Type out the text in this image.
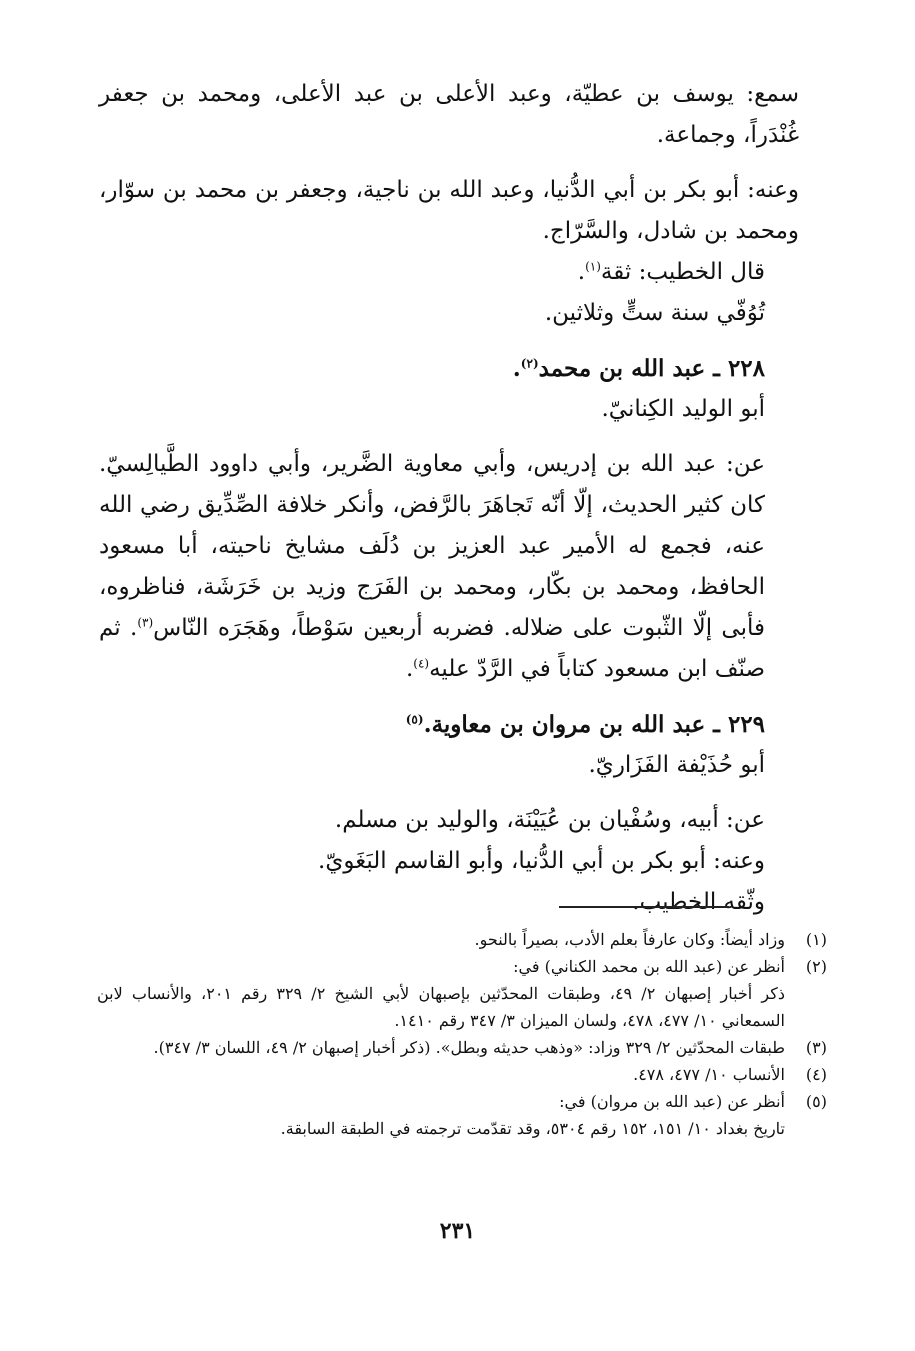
سمع: يوسف بن عطيّة، وعبد الأعلى بن عبد الأعلى، ومحمد بن جعفر غُنْدَراً، وجماعة.

وعنه: أبو بكر بن أبي الدُّنيا، وعبد الله بن ناجية، وجعفر بن محمد بن سوّار، ومحمد بن شادل، والسَّرّاج.

قال الخطيب: ثقة$^{(١)}$.

تُوُفّي سنة ستٍّ وثلاثين.

٢٢٨ ـ عبد الله بن محمد$^{(٢)}$.

أبو الوليد الكِنانيّ.

عن: عبد الله بن إدريس، وأبي معاوية الضَّرير، وأبي داوود الطَّيالِسيّ. كان كثير الحديث، إلّا أنّه تَجاهَرَ بالرَّفض، وأنكر خلافة الصِّدِّيق رضي الله عنه، فجمع له الأمير عبد العزيز بن دُلَف مشايخ ناحيته، أبا مسعود الحافظ، ومحمد بن بكّار، ومحمد بن الفَرَج وزيد بن خَرَشَة، فناظروه، فأبى إلّا الثّبوت على ضلاله. فضربه أربعين سَوْطاً، وهَجَرَه النّاس$^{(٣)}$. ثم صنّف ابن مسعود كتاباً في الرَّدّ عليه$^{(٤)}$.

٢٢٩ ـ عبد الله بن مروان بن معاوية.$^{(٥)}$

أبو حُذَيْفة الفَزَاريّ.

عن: أبيه، وسُفْيان بن عُيَيْنَة، والوليد بن مسلم.

وعنه: أبو بكر بن أبي الدُّنيا، وأبو القاسم البَغَويّ.

وثّقه الخطيب.

(١)
وزاد أيضاً: وكان عارفاً بعلم الأدب، بصيراً بالنحو.
(٢)
أنظر عن (عبد الله بن محمد الكناني) في:
ذكر أخبار إصبهان ٢/ ٤٩، وطبقات المحدّثين بإصبهان لأبي الشيخ ٢/ ٣٢٩ رقم ٢٠١، والأنساب لابن السمعاني ١٠/ ٤٧٧، ٤٧٨، ولسان الميزان ٣/ ٣٤٧ رقم ١٤١٠.
(٣)
طبقات المحدّثين ٢/ ٣٢٩ وزاد: «وذهب حديثه وبطل». (ذكر أخبار إصبهان ٢/ ٤٩، اللسان ٣/ ٣٤٧).
(٤)
الأنساب ١٠/ ٤٧٧، ٤٧٨.
(٥)
أنظر عن (عبد الله بن مروان) في:
تاريخ بغداد ١٠/ ١٥١، ١٥٢ رقم ٥٣٠٤، وقد تقدّمت ترجمته في الطبقة السابقة.
٢٣١
